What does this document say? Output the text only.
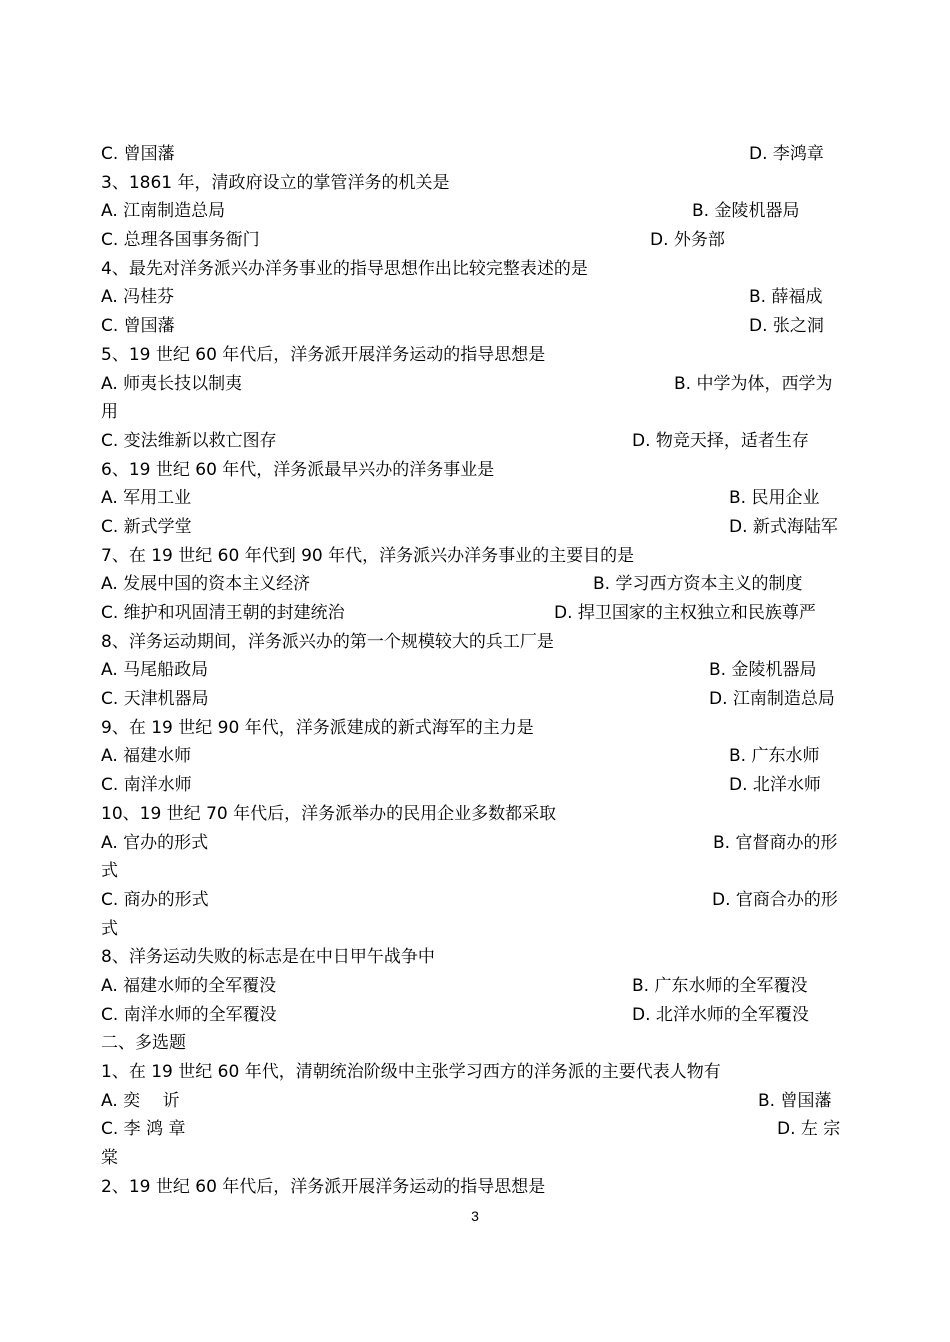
C. 曾国藩	D. 李鸿章
3、1861 年，清政府设立的掌管洋务的机关是
A. 江南制造总局	B. 金陵机器局
C. 总理各国事务衙门	D. 外务部
4、最先对洋务派兴办洋务事业的指导思想作出比较完整表述的是
A. 冯桂芬	B. 薛福成
C. 曾国藩	D. 张之洞
5、19 世纪 60 年代后，洋务派开展洋务运动的指导思想是
A. 师夷长技以制夷	B. 中学为体，西学为
用
C. 变法维新以救亡图存	D. 物竞天择，适者生存
6、19 世纪 60 年代，洋务派最早兴办的洋务事业是
A. 军用工业	B. 民用企业
C. 新式学堂	D. 新式海陆军
7、在 19 世纪 60 年代到 90 年代，洋务派兴办洋务事业的主要目的是
A. 发展中国的资本主义经济	B. 学习西方资本主义的制度
C. 维护和巩固清王朝的封建统治	D. 捍卫国家的主权独立和民族尊严
8、洋务运动期间，洋务派兴办的第一个规模较大的兵工厂是
A. 马尾船政局	B. 金陵机器局
C. 天津机器局	D. 江南制造总局
9、在 19 世纪 90 年代，洋务派建成的新式海军的主力是
A. 福建水师	B. 广东水师
C. 南洋水师	D. 北洋水师
10、19 世纪 70 年代后，洋务派举办的民用企业多数都采取
A. 官办的形式	B. 官督商办的形
式
C. 商办的形式	D. 官商合办的形
式
8、洋务运动失败的标志是在中日甲午战争中
A. 福建水师的全军覆没	B. 广东水师的全军覆没
C. 南洋水师的全军覆没	D. 北洋水师的全军覆没
二、多选题
1、在 19 世纪 60 年代，清朝统治阶级中主张学习西方的洋务派的主要代表人物有
A. 奕　 䜣	B. 曾国藩
C. 李 鸿 章	D. 左 宗
棠
2、19 世纪 60 年代后，洋务派开展洋务运动的指导思想是
3
